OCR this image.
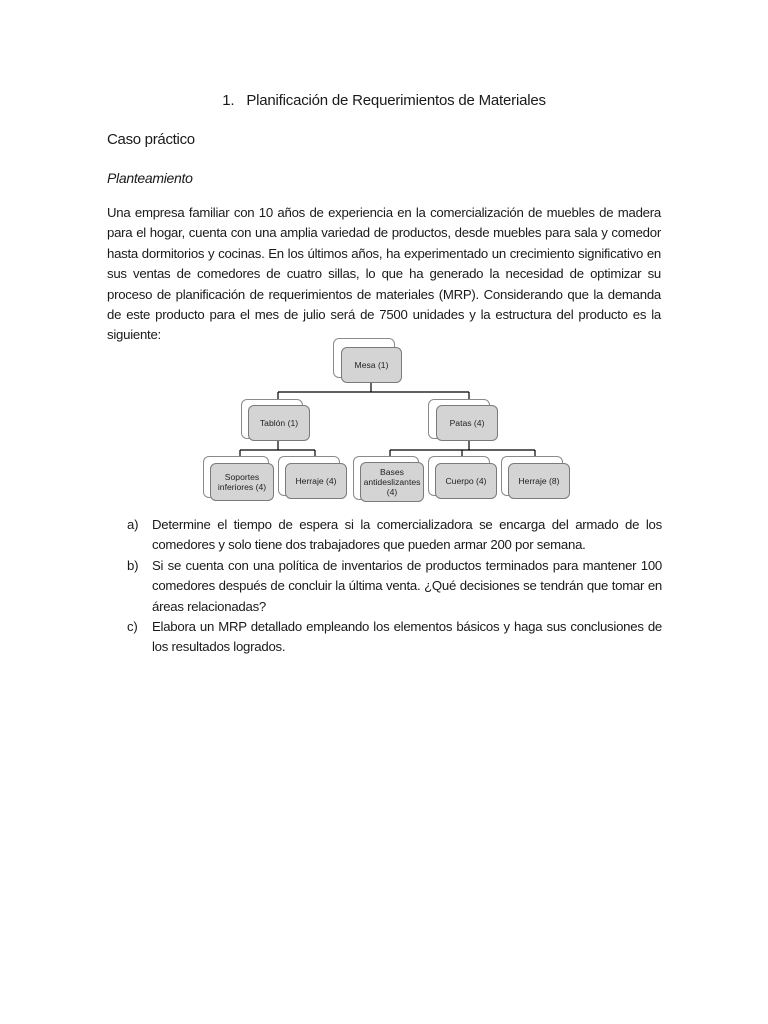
1. Planificación de Requerimientos de Materiales
Caso práctico
Planteamiento
Una empresa familiar con 10 años de experiencia en la comercialización de muebles de madera para el hogar, cuenta con una amplia variedad de productos, desde muebles para sala y comedor hasta dormitorios y cocinas. En los últimos años, ha experimentado un crecimiento significativo en sus ventas de comedores de cuatro sillas, lo que ha generado la necesidad de optimizar su proceso de planificación de requerimientos de materiales (MRP). Considerando que la demanda de este producto para el mes de julio será de 7500 unidades y la estructura del producto es la siguiente:
Mesa (1)
Tablón (1)	Patas (4)
Soportes inferiores (4)
Herraje (4)
Bases antideslizantes (4)
Cuerpo (4)	Herraje (8)
a) Determine el tiempo de espera si la comercializadora se encarga del armado de los comedores y solo tiene dos trabajadores que pueden armar 200 por semana.
b) Si se cuenta con una política de inventarios de productos terminados para mantener 100 comedores después de concluir la última venta. ¿Qué decisiones se tendrán que tomar en áreas relacionadas?
c) Elabora un MRP detallado empleando los elementos básicos y haga sus conclusiones de los resultados logrados.
